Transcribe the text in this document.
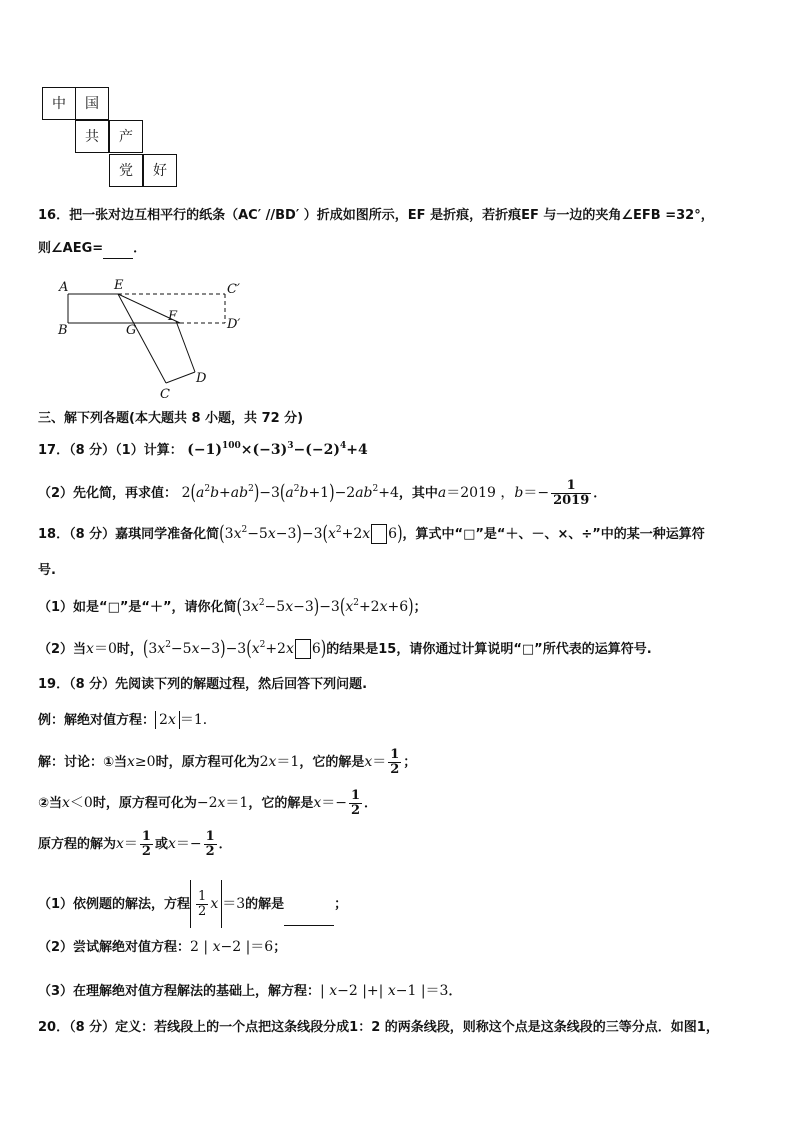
中	国
共	产
党	好
16．把一张对边互相平行的纸条（AC′ //BD′ ）折成如图所示，EF 是折痕，若折痕EF 与一边的夹角∠EFB =32°，
则∠AEG= ．
A	E	C′
B	G
F
D′
C
D
三、解下列各题(本大题共 8 小题，共 72 分)
17．（8 分）（1）计算： $(-1)^{100}\times(-3)^3-(-2)^4+4$
（2）先化简，再求值： $2(a^2b+ab^2)-3(a^2b+1)-2ab^2+4$，其中a＝2019 ，$b=- \frac{1}{2019}$ ．
18．（8 分）嘉琪同学准备化简$(3x^2-5x-3)-3(x^2+2x$ 6)，算式中“□”是“＋、－、×、÷”中的某一种运算符
号.
（1）如是“□”是“＋”，请你化简$(3x^2-5x-3)-3(x^2+2x+6)$；
（2）当x＝0时，$(3x^2-5x-3)-3(x^2+2x$ 6)的结果是15，请你通过计算说明“□”所代表的运算符号.
19．（8 分）先阅读下列的解题过程，然后回答下列问题.
例：解绝对值方程： 2x ＝1．
解：讨论：①当x≥0时，原方程可化为2x＝1，它的解是$x= \frac{1}{2}$ ；
②当x＜0时，原方程可化为−2x＝1，它的解是$x=- \frac{1}{2}$ ．
原方程的解为$x= \frac{1}{2}$ 或$x=- \frac{1}{2}$ ．
（1）依例题的解法，方程 $\frac{1}{2}$ x ＝3的解是	；
（2）尝试解绝对值方程：2 | x−2 |＝6；
（3）在理解绝对值方程解法的基础上，解方程：| x−2 |+| x−1 |＝3．
20．（8 分）定义：若线段上的一个点把这条线段分成1：2 的两条线段，则称这个点是这条线段的三等分点．如图1，
